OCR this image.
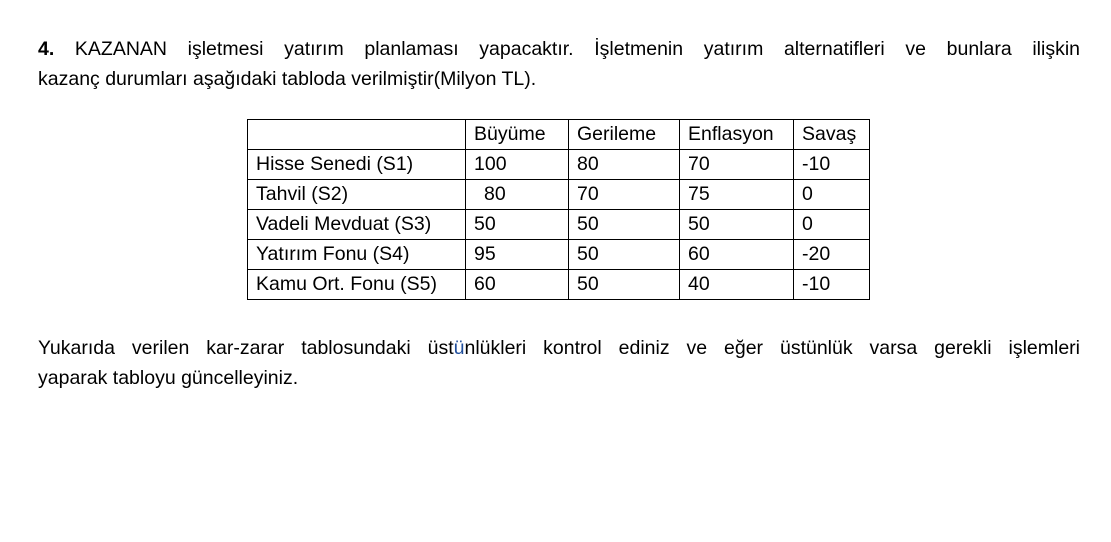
4. KAZANAN işletmesi yatırım planlaması yapacaktır. İşletmenin yatırım alternatifleri ve bunlara ilişkin
kazanç durumları aşağıdaki tabloda verilmiştir(Milyon TL).
	Büyüme	Gerileme	Enflasyon	Savaş
Hisse Senedi (S1)	100	80	70	-10
Tahvil (S2)	80	70	75	0
Vadeli Mevduat (S3)	50	50	50	0
Yatırım Fonu (S4)	95	50	60	-20
Kamu Ort. Fonu (S5)	60	50	40	-10
Yukarıda verilen kar-zarar tablosundaki üstünlükleri kontrol ediniz ve eğer üstünlük varsa gerekli işlemleri
yaparak tabloyu güncelleyiniz.
